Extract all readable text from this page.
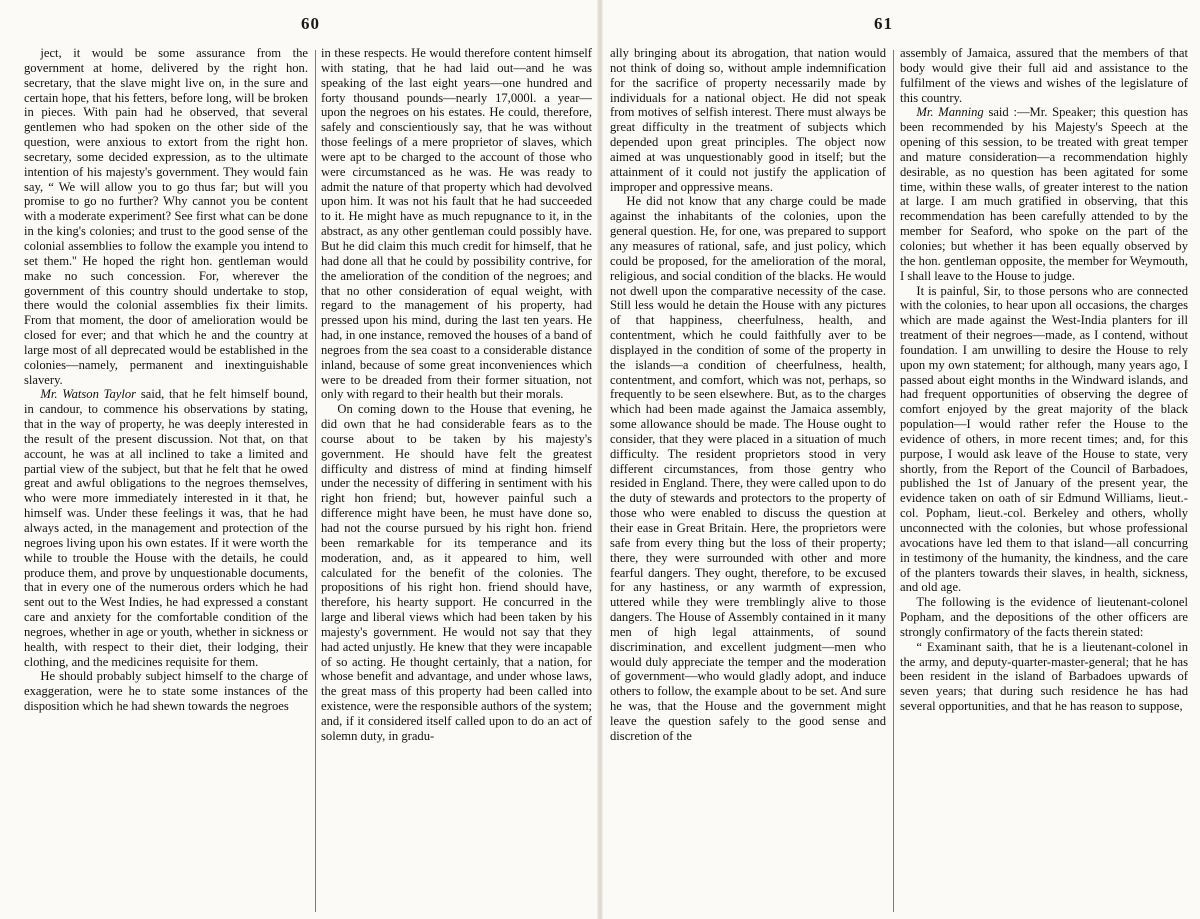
60	61

ject, it would be some assurance from the government at home, delivered by the right hon. secretary, that the slave might live on, in the sure and certain hope, that his fetters, before long, will be broken in pieces. With pain had he observed, that several gentlemen who had spoken on the other side of the question, were anxious to extort from the right hon. secretary, some decided expression, as to the ultimate intention of his majesty's government. They would fain say, “ We will allow you to go thus far; but will you promise to go no further? Why cannot you be content with a moderate experiment? See first what can be done in the king's colonies; and trust to the good sense of the colonial assemblies to follow the example you intend to set them.'' He hoped the right hon. gentleman would make no such concession. For, wherever the government of this country should undertake to stop, there would the colonial assemblies fix their limits. From that moment, the door of amelioration would be closed for ever; and that which he and the country at large most of all deprecated would be established in the colonies—namely, permanent and inextinguishable slavery.

Mr. Watson Taylor said, that he felt himself bound, in candour, to commence his observations by stating, that in the way of property, he was deeply interested in the result of the present discussion. Not that, on that account, he was at all inclined to take a limited and partial view of the subject, but that he felt that he owed great and awful obligations to the negroes themselves, who were more immediately interested in it that, he himself was. Under these feelings it was, that he had always acted, in the management and protection of the negroes living upon his own estates. If it were worth the while to trouble the House with the details, he could produce them, and prove by unquestionable documents, that in every one of the numerous orders which he had sent out to the West Indies, he had expressed a constant care and anxiety for the comfortable condition of the negroes, whether in age or youth, whether in sickness or health, with respect to their diet, their lodging, their clothing, and the medicines requisite for them.

He should probably subject himself to the charge of exaggeration, were he to state some instances of the disposition which he had shewn towards the negroes

in these respects. He would therefore content himself with stating, that he had laid out—and he was speaking of the last eight years—one hundred and forty thousand pounds—nearly 17,000l. a year—upon the negroes on his estates. He could, therefore, safely and conscientiously say, that he was without those feelings of a mere proprietor of slaves, which were apt to be charged to the account of those who were circumstanced as he was. He was ready to admit the nature of that property which had devolved upon him. It was not his fault that he had succeeded to it. He might have as much repugnance to it, in the abstract, as any other gentleman could possibly have. But he did claim this much credit for himself, that he had done all that he could by possibility contrive, for the amelioration of the condition of the negroes; and that no other consideration of equal weight, with regard to the management of his property, had pressed upon his mind, during the last ten years. He had, in one instance, removed the houses of a band of negroes from the sea coast to a considerable distance inland, because of some great inconveniences which were to be dreaded from their former situation, not only with regard to their health but their morals.

On coming down to the House that evening, he did own that he had considerable fears as to the course about to be taken by his majesty's government. He should have felt the greatest difficulty and distress of mind at finding himself under the necessity of differing in sentiment with his right hon friend; but, however painful such a difference might have been, he must have done so, had not the course pursued by his right hon. friend been remarkable for its temperance and its moderation, and, as it appeared to him, well calculated for the benefit of the colonies. The propositions of his right hon. friend should have, therefore, his hearty support. He concurred in the large and liberal views which had been taken by his majesty's government. He would not say that they had acted unjustly. He knew that they were incapable of so acting. He thought certainly, that a nation, for whose benefit and advantage, and under whose laws, the great mass of this property had been called into existence, were the responsible authors of the system; and, if it considered itself called upon to do an act of solemn duty, in gradu-

ally bringing about its abrogation, that nation would not think of doing so, without ample indemnification for the sacrifice of property necessarily made by individuals for a national object. He did not speak from motives of selfish interest. There must always be great difficulty in the treatment of subjects which depended upon great principles. The object now aimed at was unquestionably good in itself; but the attainment of it could not justify the application of improper and oppressive means.

He did not know that any charge could be made against the inhabitants of the colonies, upon the general question. He, for one, was prepared to support any measures of rational, safe, and just policy, which could be proposed, for the amelioration of the moral, religious, and social condition of the blacks. He would not dwell upon the comparative necessity of the case. Still less would he detain the House with any pictures of that happiness, cheerfulness, health, and contentment, which he could faithfully aver to be displayed in the condition of some of the property in the islands—a condition of cheerfulness, health, contentment, and comfort, which was not, perhaps, so frequently to be seen elsewhere. But, as to the charges which had been made against the Jamaica assembly, some allowance should be made. The House ought to consider, that they were placed in a situation of much difficulty. The resident proprietors stood in very different circumstances, from those gentry who resided in England. There, they were called upon to do the duty of stewards and protectors to the property of those who were enabled to discuss the question at their ease in Great Britain. Here, the proprietors were safe from every thing but the loss of their property; there, they were surrounded with other and more fearful dangers. They ought, therefore, to be excused for any hastiness, or any warmth of expression, uttered while they were tremblingly alive to those dangers. The House of Assembly contained in it many men of high legal attainments, of sound discrimination, and excellent judgment—men who would duly appreciate the temper and the moderation of government—who would gladly adopt, and induce others to follow, the example about to be set. And sure he was, that the House and the government might leave the question safely to the good sense and discretion of the

assembly of Jamaica, assured that the members of that body would give their full aid and assistance to the fulfilment of the views and wishes of the legislature of this country.

Mr. Manning said :—Mr. Speaker; this question has been recommended by his Majesty's Speech at the opening of this session, to be treated with great temper and mature consideration—a recommendation highly desirable, as no question has been agitated for some time, within these walls, of greater interest to the nation at large. I am much gratified in observing, that this recommendation has been carefully attended to by the member for Seaford, who spoke on the part of the colonies; but whether it has been equally observed by the hon. gentleman opposite, the member for Weymouth, I shall leave to the House to judge.

It is painful, Sir, to those persons who are connected with the colonies, to hear upon all occasions, the charges which are made against the West-India planters for ill treatment of their negroes—made, as I contend, without foundation. I am unwilling to desire the House to rely upon my own statement; for although, many years ago, I passed about eight months in the Windward islands, and had frequent opportunities of observing the degree of comfort enjoyed by the great majority of the black population—I would rather refer the House to the evidence of others, in more recent times; and, for this purpose, I would ask leave of the House to state, very shortly, from the Report of the Council of Barbadoes, published the 1st of January of the present year, the evidence taken on oath of sir Edmund Williams, lieut.-col. Popham, lieut.-col. Berkeley and others, wholly unconnected with the colonies, but whose professional avocations have led them to that island—all concurring in testimony of the humanity, the kindness, and the care of the planters towards their slaves, in health, sickness, and old age.

The following is the evidence of lieutenant-colonel Popham, and the depositions of the other officers are strongly confirmatory of the facts therein stated:

“ Examinant saith, that he is a lieutenant-colonel in the army, and deputy-quarter-master-general; that he has been resident in the island of Barbadoes upwards of seven years; that during such residence he has had several opportunities, and that he has reason to suppose,
